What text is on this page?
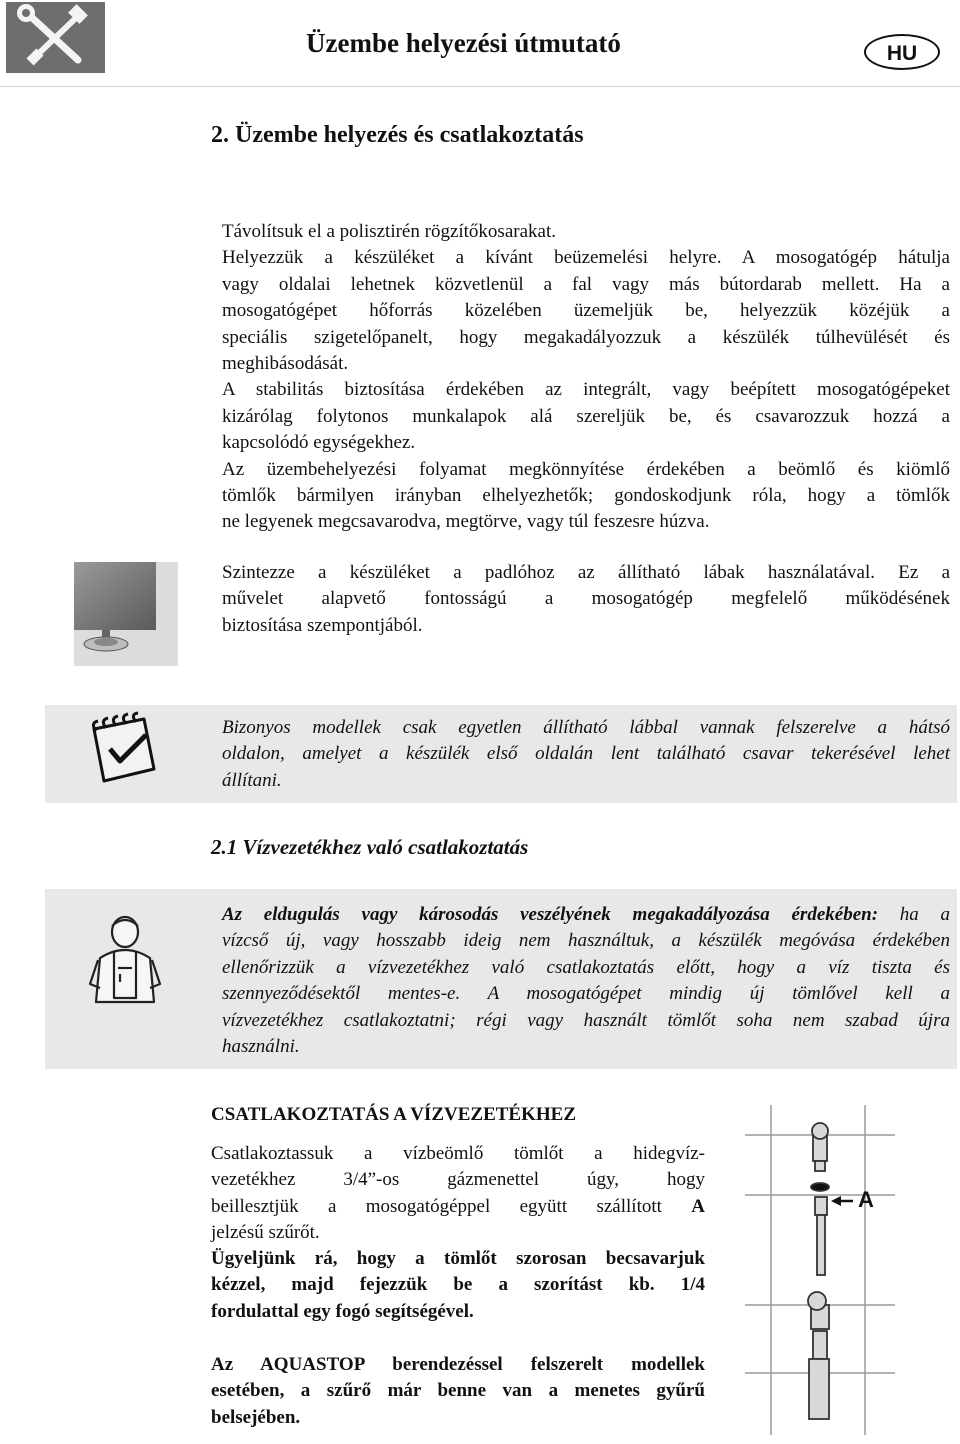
Üzembe helyezési útmutató	HU
2. Üzembe helyezés és csatlakoztatás
Távolítsuk el a polisztirén rögzítőkosarakat.
Helyezzük a készüléket a kívánt beüzemelési helyre. A mosogatógép hátulja
vagy oldalai lehetnek közvetlenül a fal vagy más bútordarab mellett. Ha a
mosogatógépet hőforrás közelében üzemeljük be, helyezzük közéjük a
speciális szigetelőpanelt, hogy megakadályozzuk a készülék túlhevülését és
meghibásodását.
A stabilitás biztosítása érdekében az integrált, vagy beépített mosogatógépeket
kizárólag folytonos munkalapok alá szereljük be, és csavarozzuk hozzá a
kapcsolódó egységekhez.
Az üzembehelyezési folyamat megkönnyítése érdekében a beömlő és kiömlő
tömlők bármilyen irányban elhelyezhetők; gondoskodjunk róla, hogy a tömlők
ne legyenek megcsavarodva, megtörve, vagy túl feszesre húzva.
Szintezze a készüléket a padlóhoz az állítható lábak használatával. Ez a
művelet alapvető fontosságú a mosogatógép megfelelő működésének
biztosítása szempontjából.
Bizonyos modellek csak egyetlen állítható lábbal vannak felszerelve a hátsó
oldalon, amelyet a készülék első oldalán lent található csavar tekerésével lehet
állítani.
2.1 Vízvezetékhez való csatlakoztatás
Az eldugulás vagy károsodás veszélyének megakadályozása érdekében: ha a
vízcső új, vagy hosszabb ideig nem használtuk, a készülék megóvása érdekében
ellenőrizzük a vízvezetékhez való csatlakoztatás előtt, hogy a víz tiszta és
szennyeződésektől mentes-e. A mosogatógépet mindig új tömlővel kell a
vízvezetékhez csatlakoztatni; régi vagy használt tömlőt soha nem szabad újra
használni.
CSATLAKOZTATÁS A VÍZVEZETÉKHEZ
Csatlakoztassuk a vízbeömlő tömlőt a hidegvíz-
vezetékhez 3/4”-os gázmenettel úgy, hogy
beillesztjük a mosogatógéppel együtt szállított A
jelzésű szűrőt.
Ügyeljünk rá, hogy a tömlőt szorosan becsavarjuk
kézzel, majd fejezzük be a szorítást kb. 1/4
fordulattal egy fogó segítségével.
Az AQUASTOP berendezéssel felszerelt modellek
esetében, a szűrő már benne van a menetes gyűrű
belsejében.
A
